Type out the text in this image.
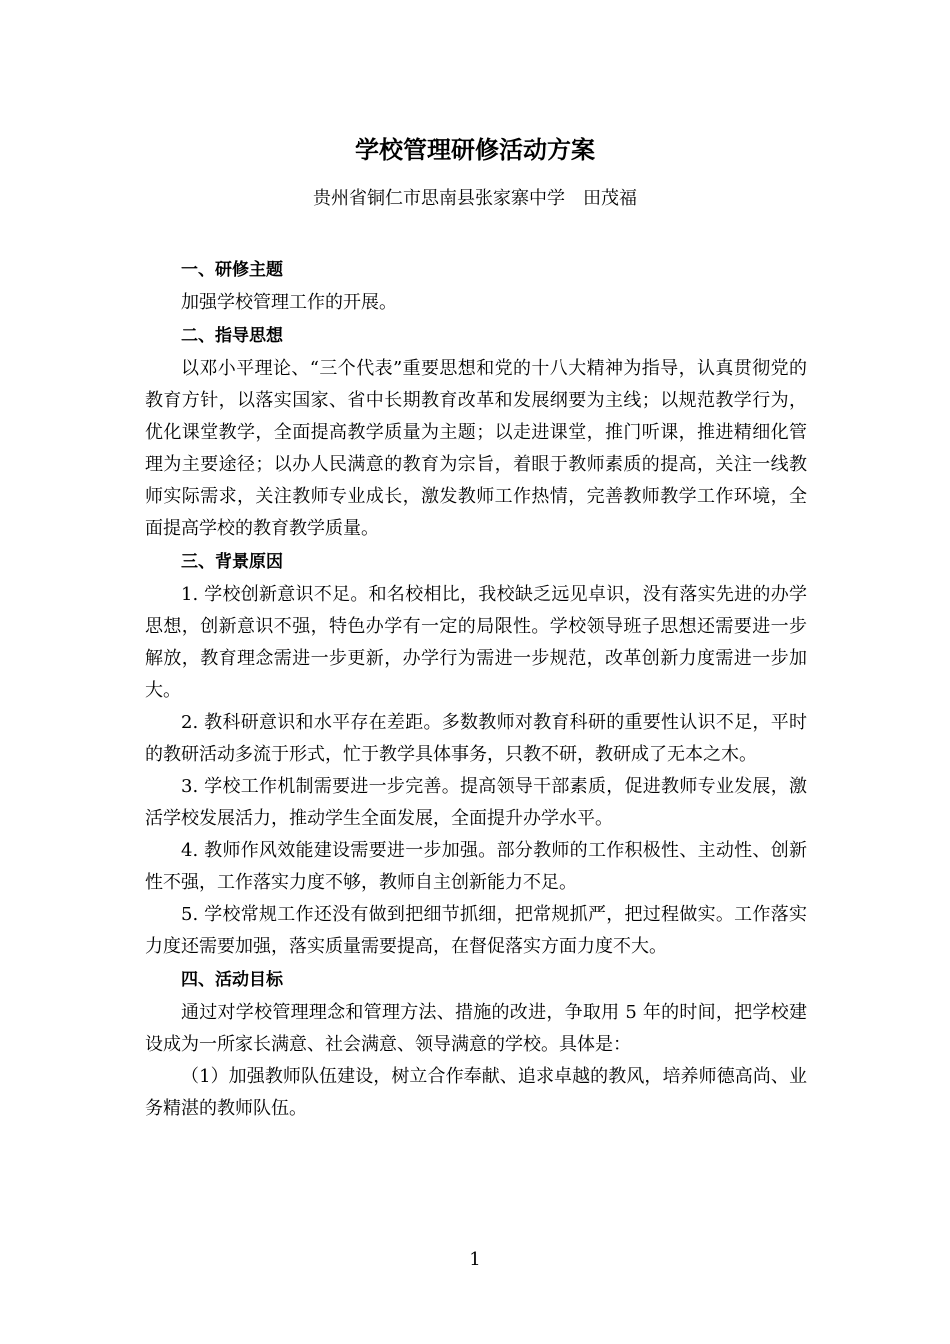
学校管理研修活动方案
贵州省铜仁市思南县张家寨中学　田茂福
一、研修主题

加强学校管理工作的开展。

二、指导思想

以邓小平理论、“三个代表”重要思想和党的十八大精神为指导，认真贯彻党的教育方针，以落实国家、省中长期教育改革和发展纲要为主线；以规范教学行为，优化课堂教学，全面提高教学质量为主题；以走进课堂，推门听课，推进精细化管理为主要途径；以办人民满意的教育为宗旨，着眼于教师素质的提高，关注一线教师实际需求，关注教师专业成长，激发教师工作热情，完善教师教学工作环境，全面提高学校的教育教学质量。

三、背景原因

1. 学校创新意识不足。和名校相比，我校缺乏远见卓识，没有落实先进的办学思想，创新意识不强，特色办学有一定的局限性。学校领导班子思想还需要进一步解放，教育理念需进一步更新，办学行为需进一步规范，改革创新力度需进一步加大。

2. 教科研意识和水平存在差距。多数教师对教育科研的重要性认识不足，平时的教研活动多流于形式，忙于教学具体事务，只教不研，教研成了无本之木。

3. 学校工作机制需要进一步完善。提高领导干部素质，促进教师专业发展，激活学校发展活力，推动学生全面发展，全面提升办学水平。

4. 教师作风效能建设需要进一步加强。部分教师的工作积极性、主动性、创新性不强，工作落实力度不够，教师自主创新能力不足。

5. 学校常规工作还没有做到把细节抓细，把常规抓严，把过程做实。工作落实力度还需要加强，落实质量需要提高，在督促落实方面力度不大。

四、活动目标

通过对学校管理理念和管理方法、措施的改进，争取用 5 年的时间，把学校建设成为一所家长满意、社会满意、领导满意的学校。具体是：

（1）加强教师队伍建设，树立合作奉献、追求卓越的教风，培养师德高尚、业务精湛的教师队伍。

1
